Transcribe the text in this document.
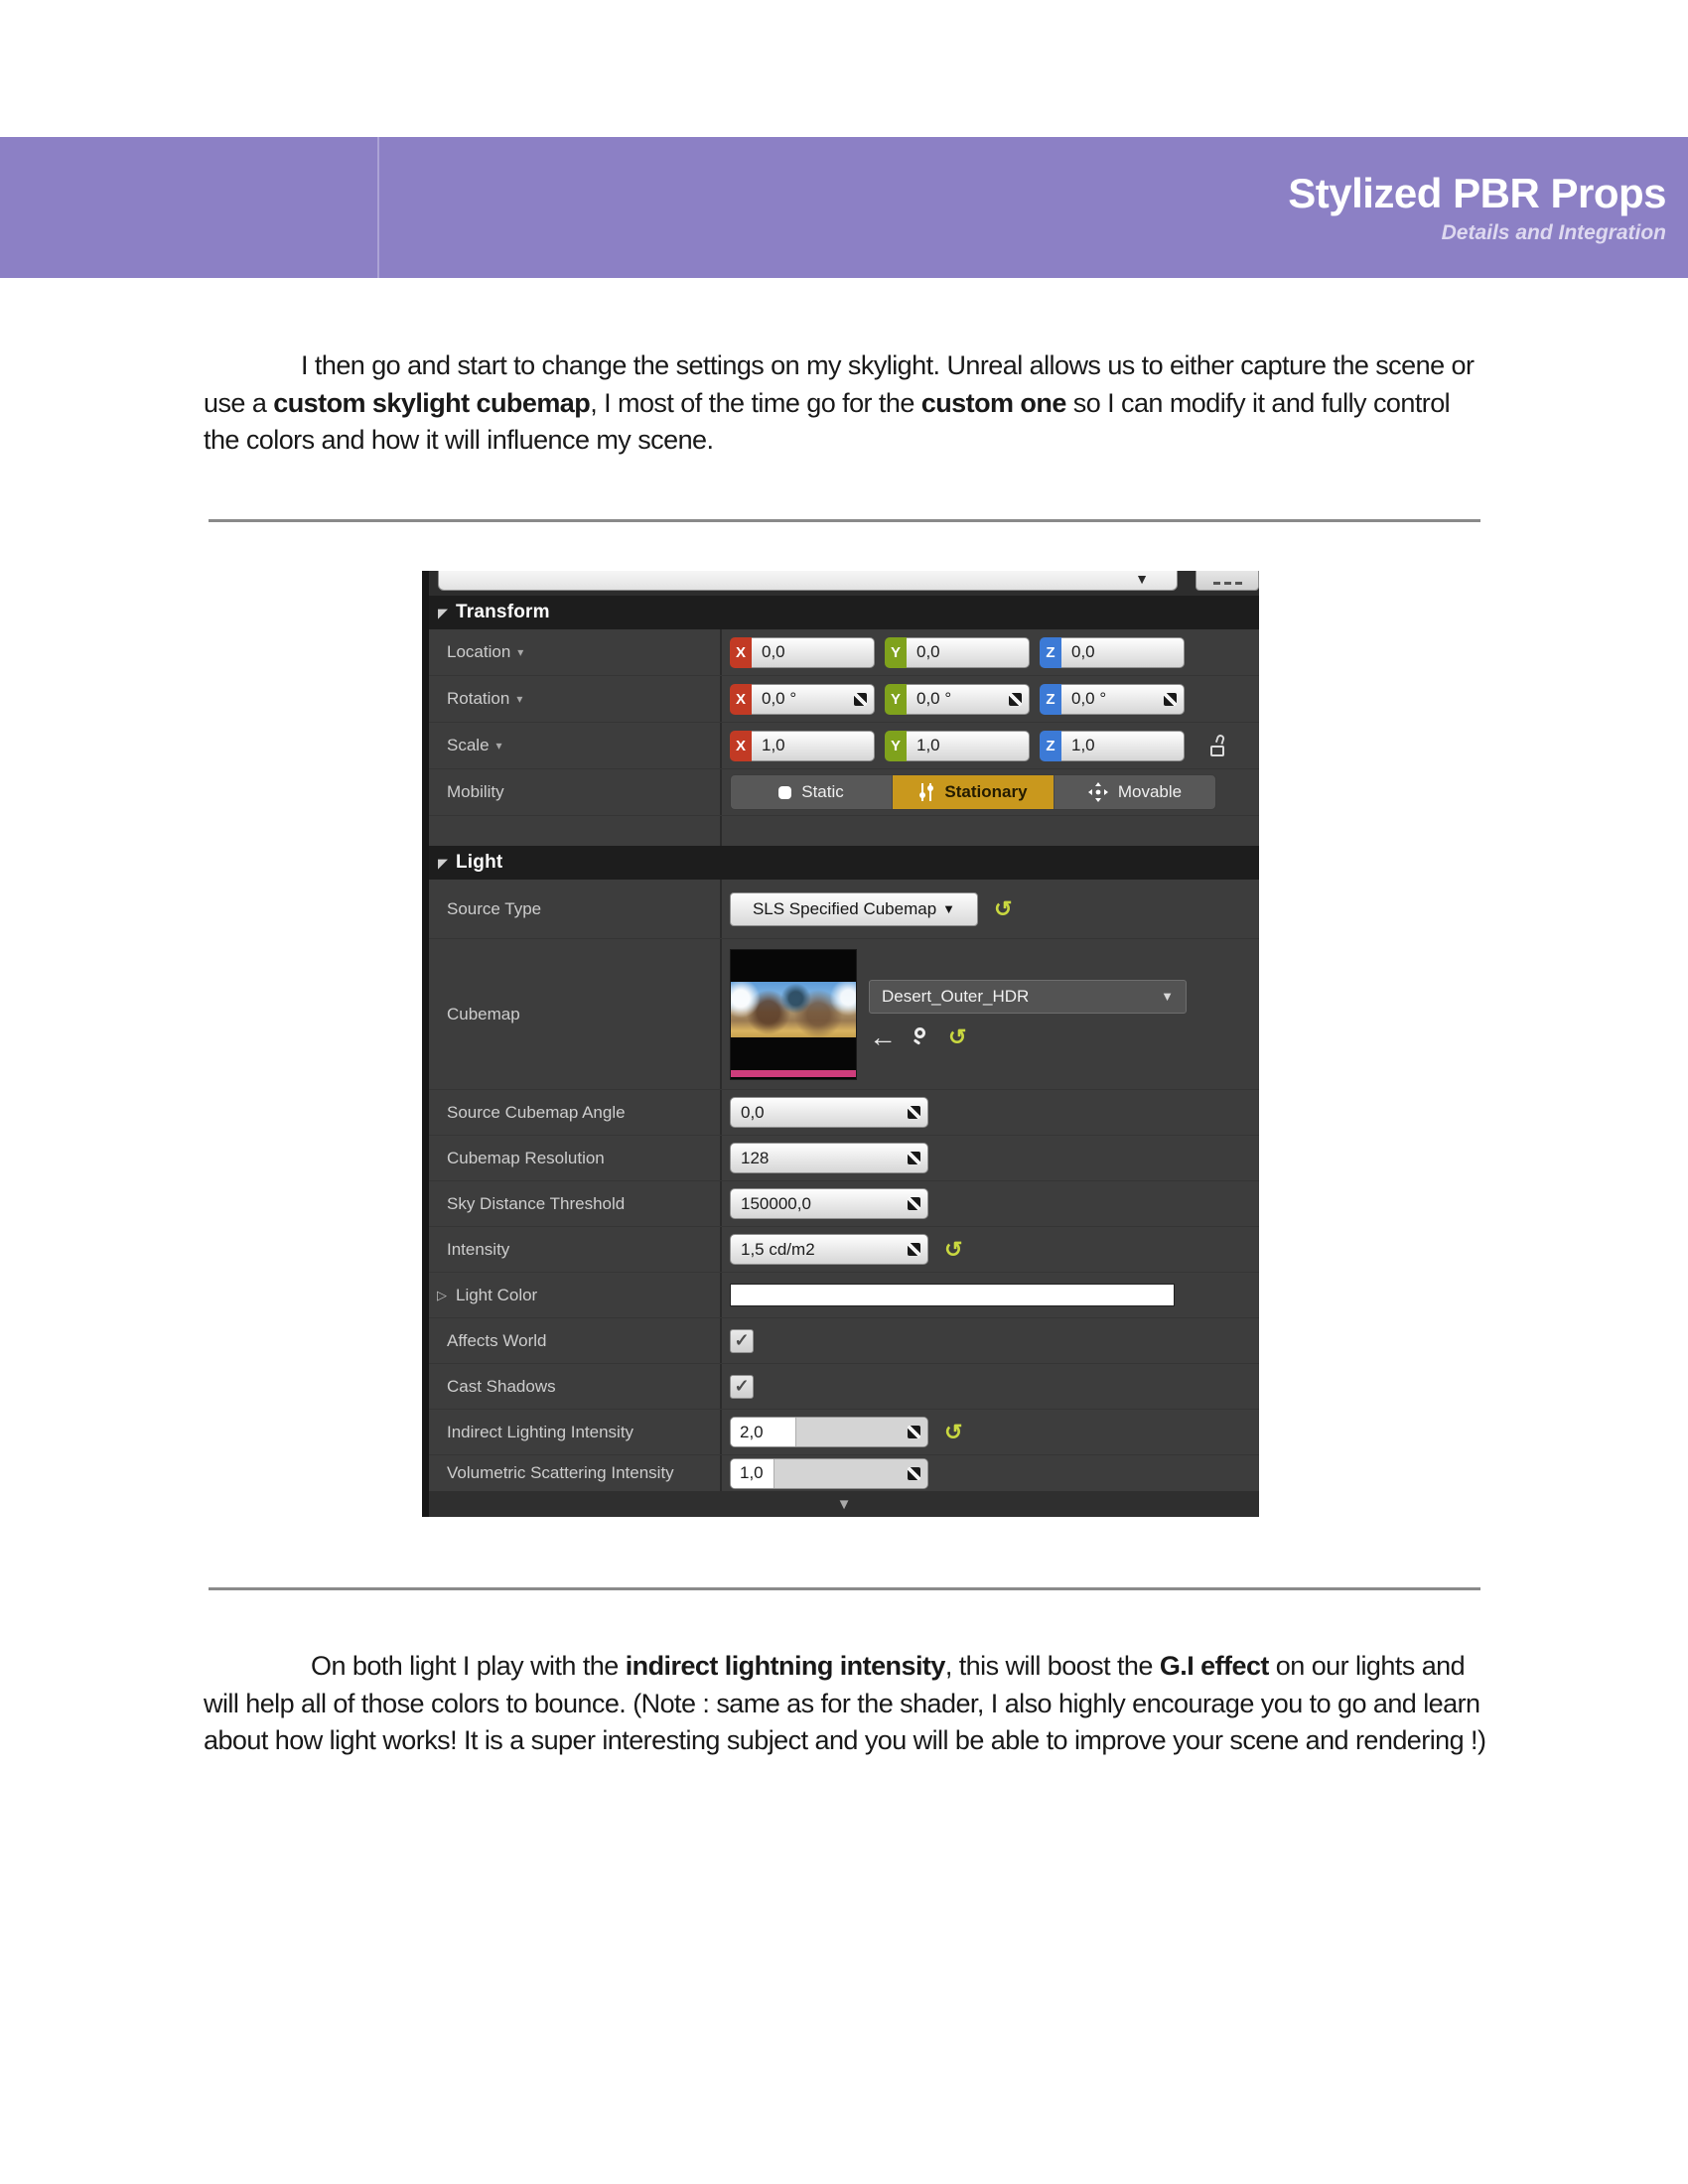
Stylized PBR Props
Details and Integration

I then go and start to change the settings on my skylight. Unreal allows us to either capture the scene or use a custom skylight cubemap, I most of the time go for the custom one so I can modify it and fully control the colors and how it will influence my scene.

▼
◤ Transform
Location ▾	X 0,0	Y 0,0	Z 0,0
Rotation ▾	X 0,0 °	Y 0,0 °	Z 0,0 °
Scale ▾	X 1,0	Y 1,0	Z 1,0
Mobility	Static	Stationary	Movable
◤ Light
Source Type	SLS Specified Cubemap ▼ ↺
Cubemap
Desert_Outer_HDR	▼
← ↺
Source Cubemap Angle	0,0
Cubemap Resolution	128
Sky Distance Threshold	150000,0
Intensity	1,5 cd/m2	↺
▷ Light Color
Affects World	✓
Cast Shadows	✓
Indirect Lighting Intensity	2,0	↺
Volumetric Scattering Intensity	1,0
▼

On both light I play with the indirect lightning intensity, this will boost the G.I effect on our lights and will help all of those colors to bounce. (Note : same as for the shader, I also highly encourage you to go and learn about how light works! It is a super interesting subject and you will be able to improve your scene and rendering !)
